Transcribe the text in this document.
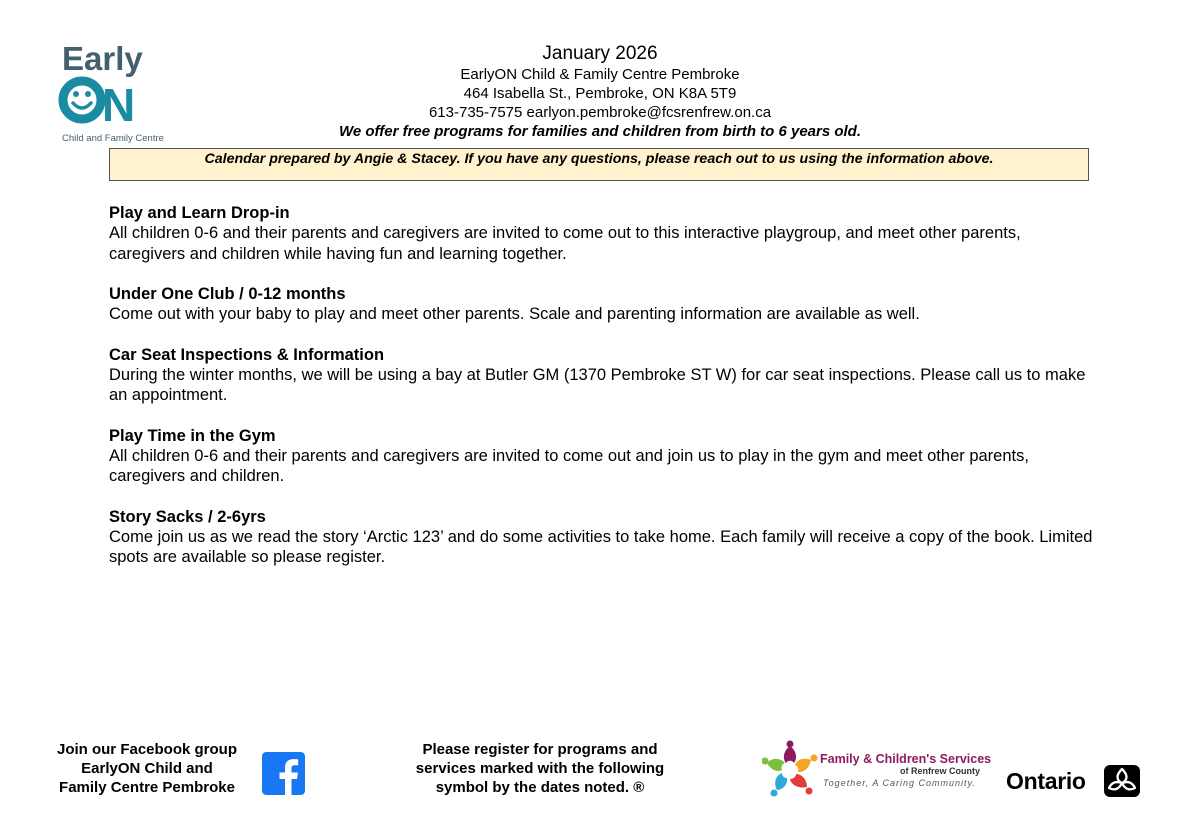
Early
N
Child and Family Centre
January 2026
EarlyON Child & Family Centre Pembroke
464 Isabella St., Pembroke, ON K8A 5T9
613-735-7575 earlyon.pembroke@fcsrenfrew.on.ca
We offer free programs for families and children from birth to 6 years old.
Calendar prepared by Angie & Stacey. If you have any questions, please reach out to us using the information above.
Play and Learn Drop-in

All children 0-6 and their parents and caregivers are invited to come out to this interactive playgroup, and meet other parents, caregivers and children while having fun and learning together.

Under One Club / 0-12 months

Come out with your baby to play and meet other parents. Scale and parenting information are available as well.

Car Seat Inspections & Information

During the winter months, we will be using a bay at Butler GM (1370 Pembroke ST W) for car seat inspections. Please call us to make an appointment.

Play Time in the Gym

All children 0-6 and their parents and caregivers are invited to come out and join us to play in the gym and meet other parents, caregivers and children.

Story Sacks / 2-6yrs

Come join us as we read the story ‘Arctic 123’ and do some activities to take home. Each family will receive a copy of the book. Limited spots are available so please register.

Join our Facebook group
EarlyON Child and
Family Centre Pembroke
Please register for programs and
services marked with the following
symbol by the dates noted. ®
Family & Children's Services
of Renfrew County
Together, A Caring Community. Ontario
